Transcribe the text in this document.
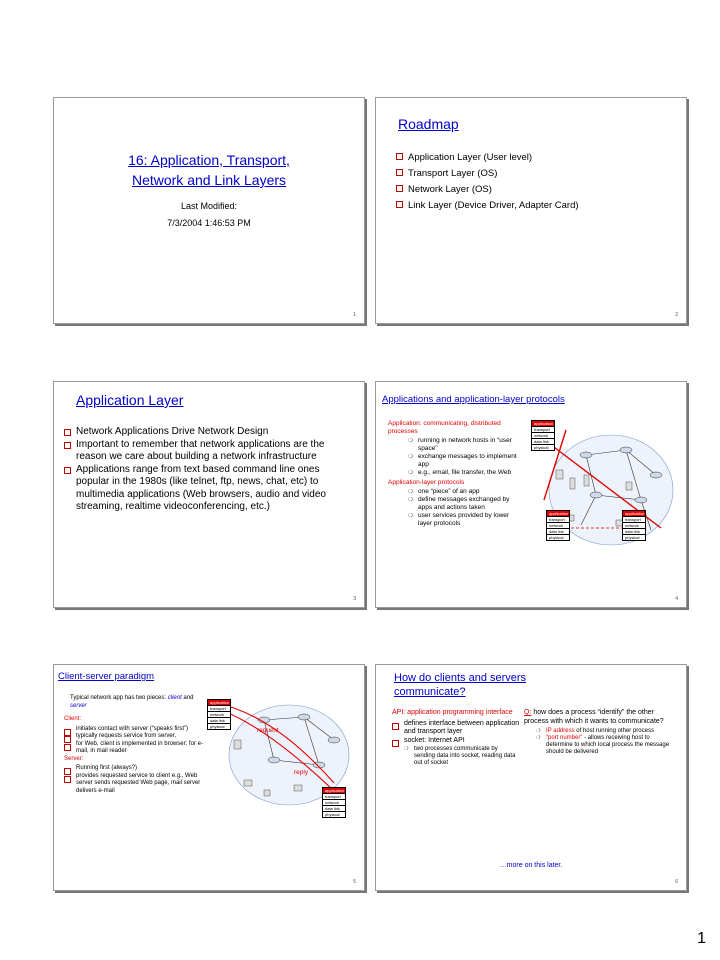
16: Application, Transport,
Network and Link Layers
Last Modified:
7/3/2004 1:46:53 PM
1
Roadmap
Application Layer (User level)
Transport Layer (OS)
Network Layer (OS)
Link Layer (Device Driver, Adapter Card)
2
Application Layer
Network Applications Drive Network Design
Important to remember that network applications are the reason we care about building a network infrastructure
Applications range from text based command line ones popular in the 1980s (like telnet, ftp, news, chat, etc) to multimedia applications (Web browsers, audio and video streaming, realtime videoconferencing, etc.)
3
Applications and application-layer protocols
Application: communicating, distributed processes
❍ running in network hosts in “user space”
❍ exchange messages to implement app
❍ e.g., email, file transfer, the Web
Application-layer protocols
❍ one “piece” of an app
❍ define messages exchanged by apps and actions taken
❍ user services provided by lower layer protocols
application
transport
network
data link
physical
application
transport
network
data link
physical
application
transport
network
data link
physical
4
Client-server paradigm
Typical network app has two pieces: client and server
Client:
initiates contact with server (“speaks first”)
typically requests service from server,
for Web, client is implemented in browser; for e-mail, in mail reader
Server:
Running first (always?)
provides requested service to client e.g., Web server sends requested Web page, mail server delivers e-mail
request
reply
application
transport
network
data link
physical
application
transport
network
data link
physical
5
How do clients and servers
communicate?
API: application programming interface
defines interface between application and transport layer
socket: Internet API
❍ two processes communicate by sending data into socket, reading data out of socket
Q: how does a process “identify” the other process with which it wants to communicate?
❍ IP address of host running other process
❍ “port number” - allows receiving host to determine to which local process the message should be delivered
…more on this later.
6
1
